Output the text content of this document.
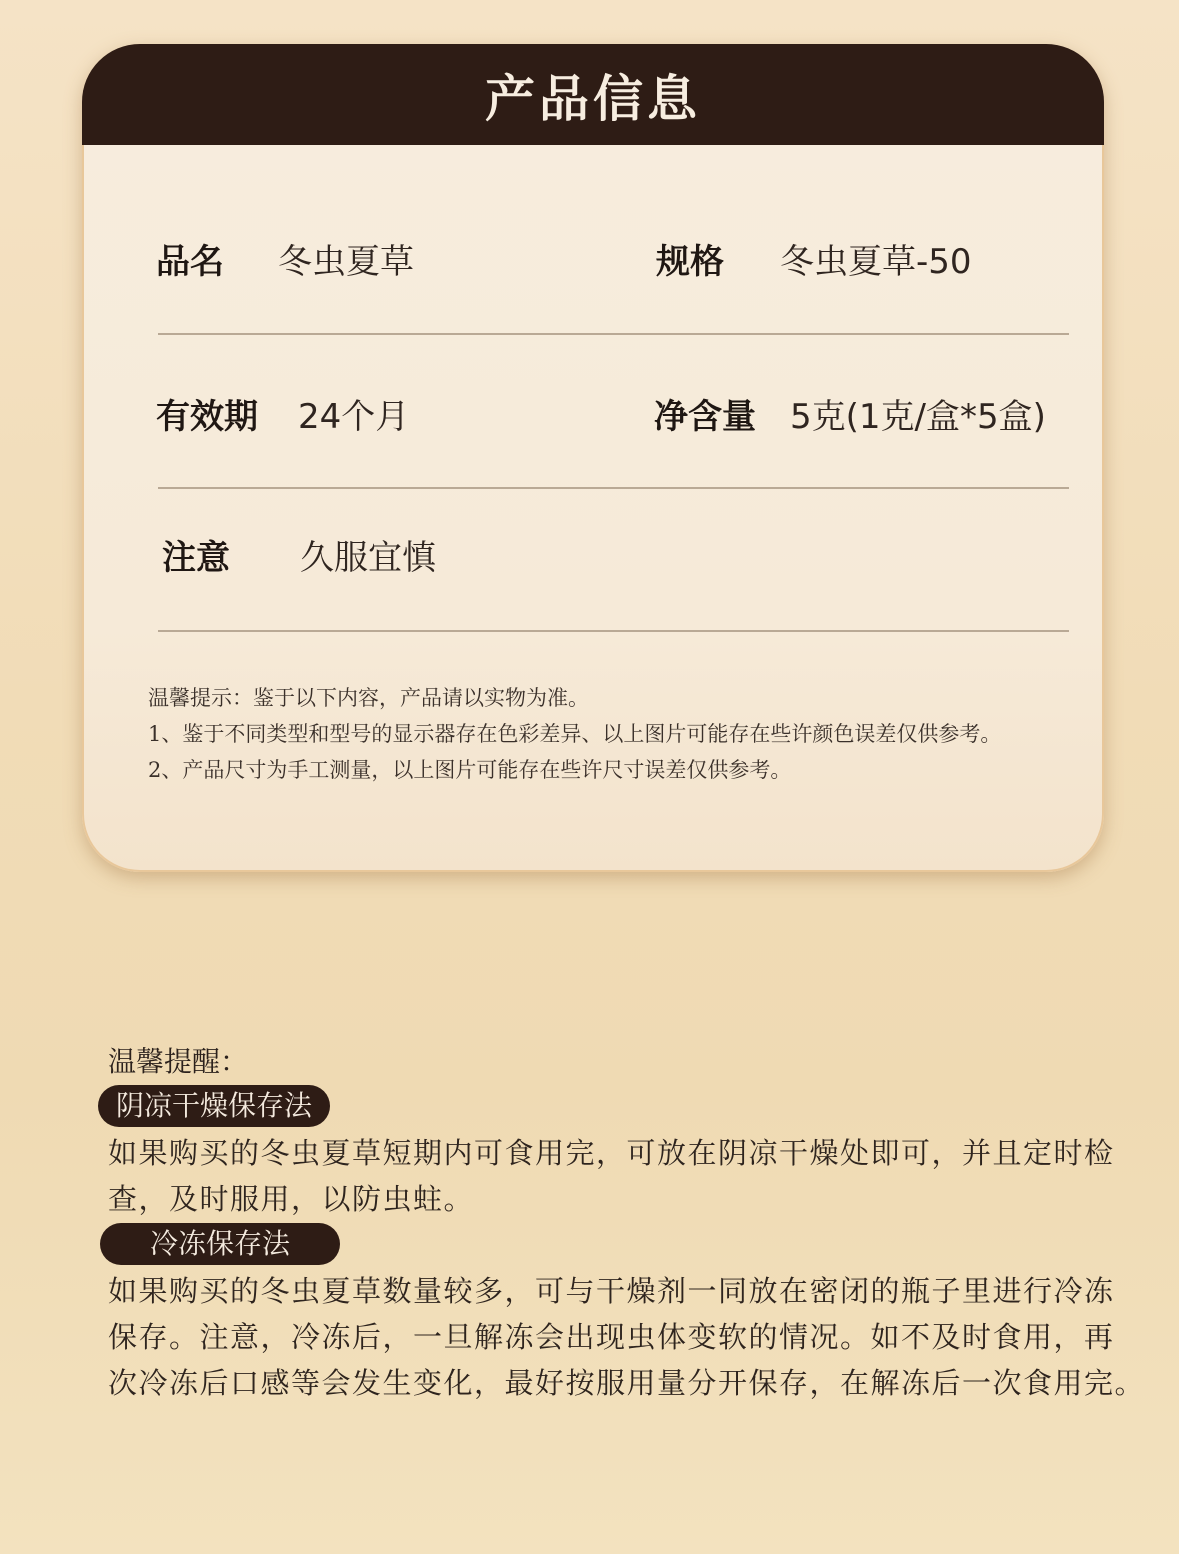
产品信息
品名 冬虫夏草	规格 冬虫夏草-50
有效期 24个月	净含量 5克(1克/盒*5盒)
注意 久服宜慎
温馨提示：鉴于以下内容，产品请以实物为准。
1、鉴于不同类型和型号的显示器存在色彩差异、以上图片可能存在些许颜色误差仅供参考。
2、产品尺寸为手工测量，以上图片可能存在些许尺寸误差仅供参考。
温馨提醒：
阴凉干燥保存法
如果购买的冬虫夏草短期内可食用完，可放在阴凉干燥处即可，并且定时检
查，及时服用，以防虫蛀。
冷冻保存法
如果购买的冬虫夏草数量较多，可与干燥剂一同放在密闭的瓶子里进行冷冻
保存。注意，冷冻后，一旦解冻会出现虫体变软的情况。如不及时食用，再
次冷冻后口感等会发生变化，最好按服用量分开保存，在解冻后一次食用完。
